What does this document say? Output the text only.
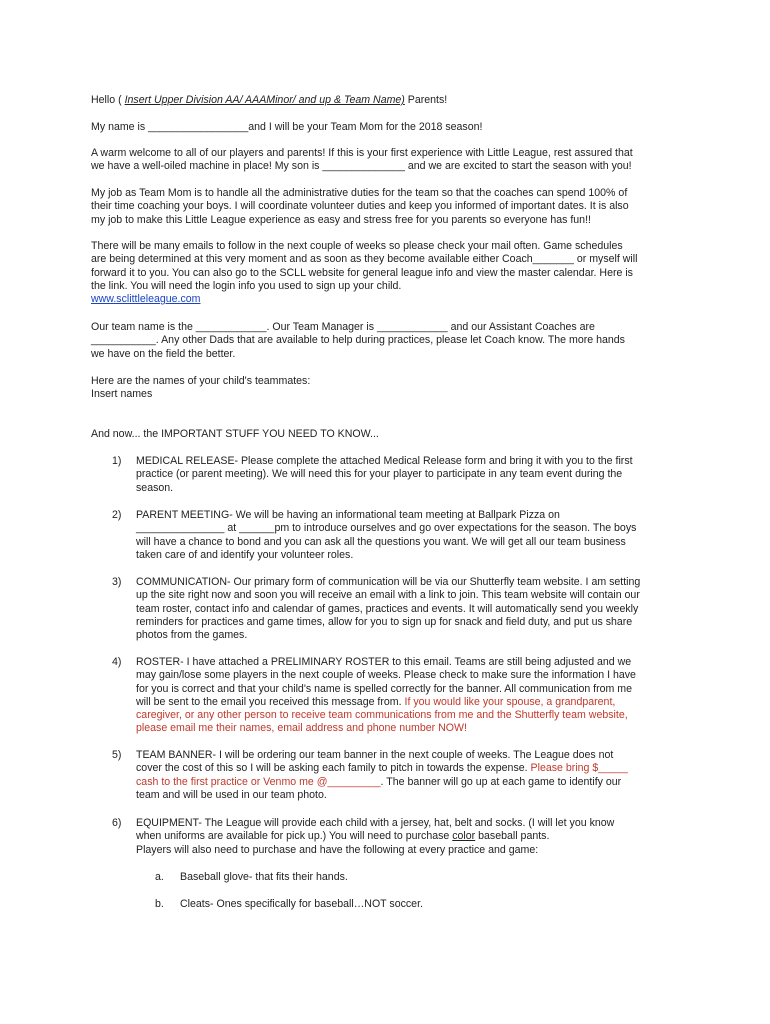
Hello ( Insert Upper Division AA/ AAAMinor/ and up & Team Name) Parents!
My name is _________________and I will be your Team Mom for the 2018 season!

A warm welcome to all of our players and parents! If this is your first experience with Little League, rest assured that

we have a well-oiled machine in place! My son is ______________ and we are excited to start the season with you!

My job as Team Mom is to handle all the administrative duties for the team so that the coaches can spend 100% of

their time coaching your boys. I will coordinate volunteer duties and keep you informed of important dates. It is also

my job to make this Little League experience as easy and stress free for you parents so everyone has fun!!

There will be many emails to follow in the next couple of weeks so please check your mail often. Game schedules

are being determined at this very moment and as soon as they become available either Coach_______ or myself will

forward it to you. You can also go to the SCLL website for general league info and view the master calendar. Here is

the link. You will need the login info you used to sign up your child.

www.sclittleleague.com

Our team name is the ____________. Our Team Manager is ____________ and our Assistant Coaches are

___________. Any other Dads that are available to help during practices, please let Coach know. The more hands

we have on the field the better.

Here are the names of your child's teammates:

Insert names

And now... the IMPORTANT STUFF YOU NEED TO KNOW...
1) MEDICAL RELEASE- Please complete the attached Medical Release form and bring it with you to the first

practice (or parent meeting). We will need this for your player to participate in any team event during the

season.

2) PARENT MEETING- We will be having an informational team meeting at Ballpark Pizza on

_______________ at ______pm to introduce ourselves and go over expectations for the season. The boys

will have a chance to bond and you can ask all the questions you want. We will get all our team business

taken care of and identify your volunteer roles.

3) COMMUNICATION- Our primary form of communication will be via our Shutterfly team website. I am setting

up the site right now and soon you will receive an email with a link to join. This team website will contain our

team roster, contact info and calendar of games, practices and events. It will automatically send you weekly

reminders for practices and game times, allow for you to sign up for snack and field duty, and put us share

photos from the games.

4) ROSTER- I have attached a PRELIMINARY ROSTER to this email. Teams are still being adjusted and we

may gain/lose some players in the next couple of weeks. Please check to make sure the information I have

for you is correct and that your child's name is spelled correctly for the banner. All communication from me

will be sent to the email you received this message from. If you would like your spouse, a grandparent,

caregiver, or any other person to receive team communications from me and the Shutterfly team website,

please email me their names, email address and phone number NOW!

5) TEAM BANNER- I will be ordering our team banner in the next couple of weeks. The League does not

cover the cost of this so I will be asking each family to pitch in towards the expense. Please bring $_____

cash to the first practice or Venmo me @_________. The banner will go up at each game to identify our

team and will be used in our team photo.

6) EQUIPMENT- The League will provide each child with a jersey, hat, belt and socks. (I will let you know

when uniforms are available for pick up.) You will need to purchase color baseball pants.

Players will also need to purchase and have the following at every practice and game:

a. Baseball glove- that fits their hands.
b. Cleats- Ones specifically for baseball…NOT soccer.
